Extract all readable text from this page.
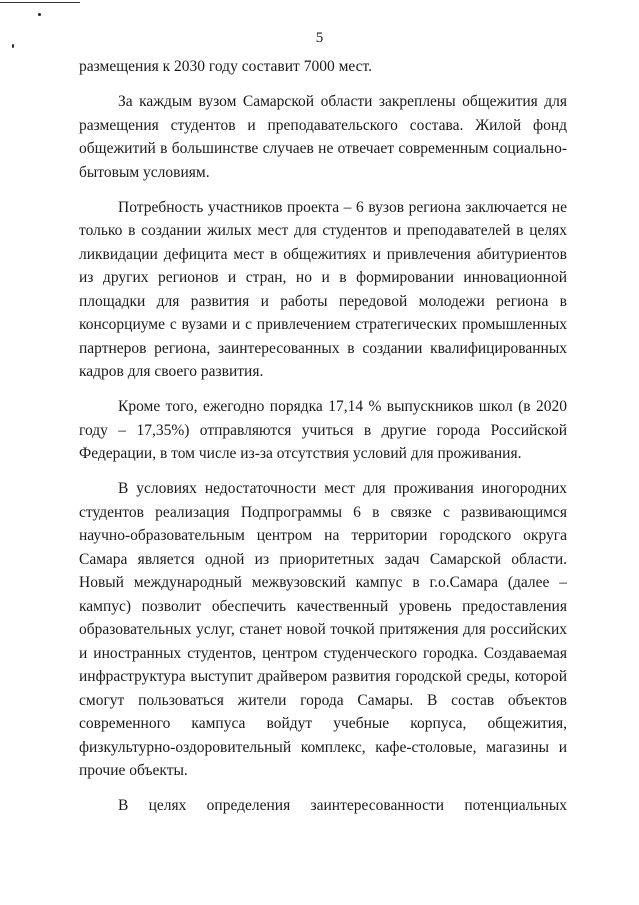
5

размещения к 2030 году составит 7000 мест.

За каждым вузом Самарской области закреплены общежития для размещения студентов и преподавательского состава. Жилой фонд общежитий в большинстве случаев не отвечает современным социально-бытовым условиям.

Потребность участников проекта – 6 вузов региона заключается не только в создании жилых мест для студентов и преподавателей в целях ликвидации дефицита мест в общежитиях и привлечения абитуриентов из других регионов и стран, но и в формировании инновационной площадки для развития и работы передовой молодежи региона в консорциуме с вузами и с привлечением стратегических промышленных партнеров региона, заинтересованных в создании квалифицированных кадров для своего развития.

Кроме того, ежегодно порядка 17,14 % выпускников школ (в 2020 году – 17,35%) отправляются учиться в другие города Российской Федерации, в том числе из-за отсутствия условий для проживания.

В условиях недостаточности мест для проживания иногородних студентов реализация Подпрограммы 6 в связке с развивающимся научно-образовательным центром на территории городского округа Самара является одной из приоритетных задач Самарской области. Новый международный межвузовский кампус в г.о.Самара (далее – кампус) позволит обеспечить качественный уровень предоставления образовательных услуг, станет новой точкой притяжения для российских и иностранных студентов, центром студенческого городка. Создаваемая инфраструктура выступит драйвером развития городской среды, которой смогут пользоваться жители города Самары. В состав объектов современного кампуса войдут учебные корпуса, общежития, физкультурно-оздоровительный комплекс, кафе-столовые, магазины и прочие объекты.

В целях определения заинтересованности потенциальных
